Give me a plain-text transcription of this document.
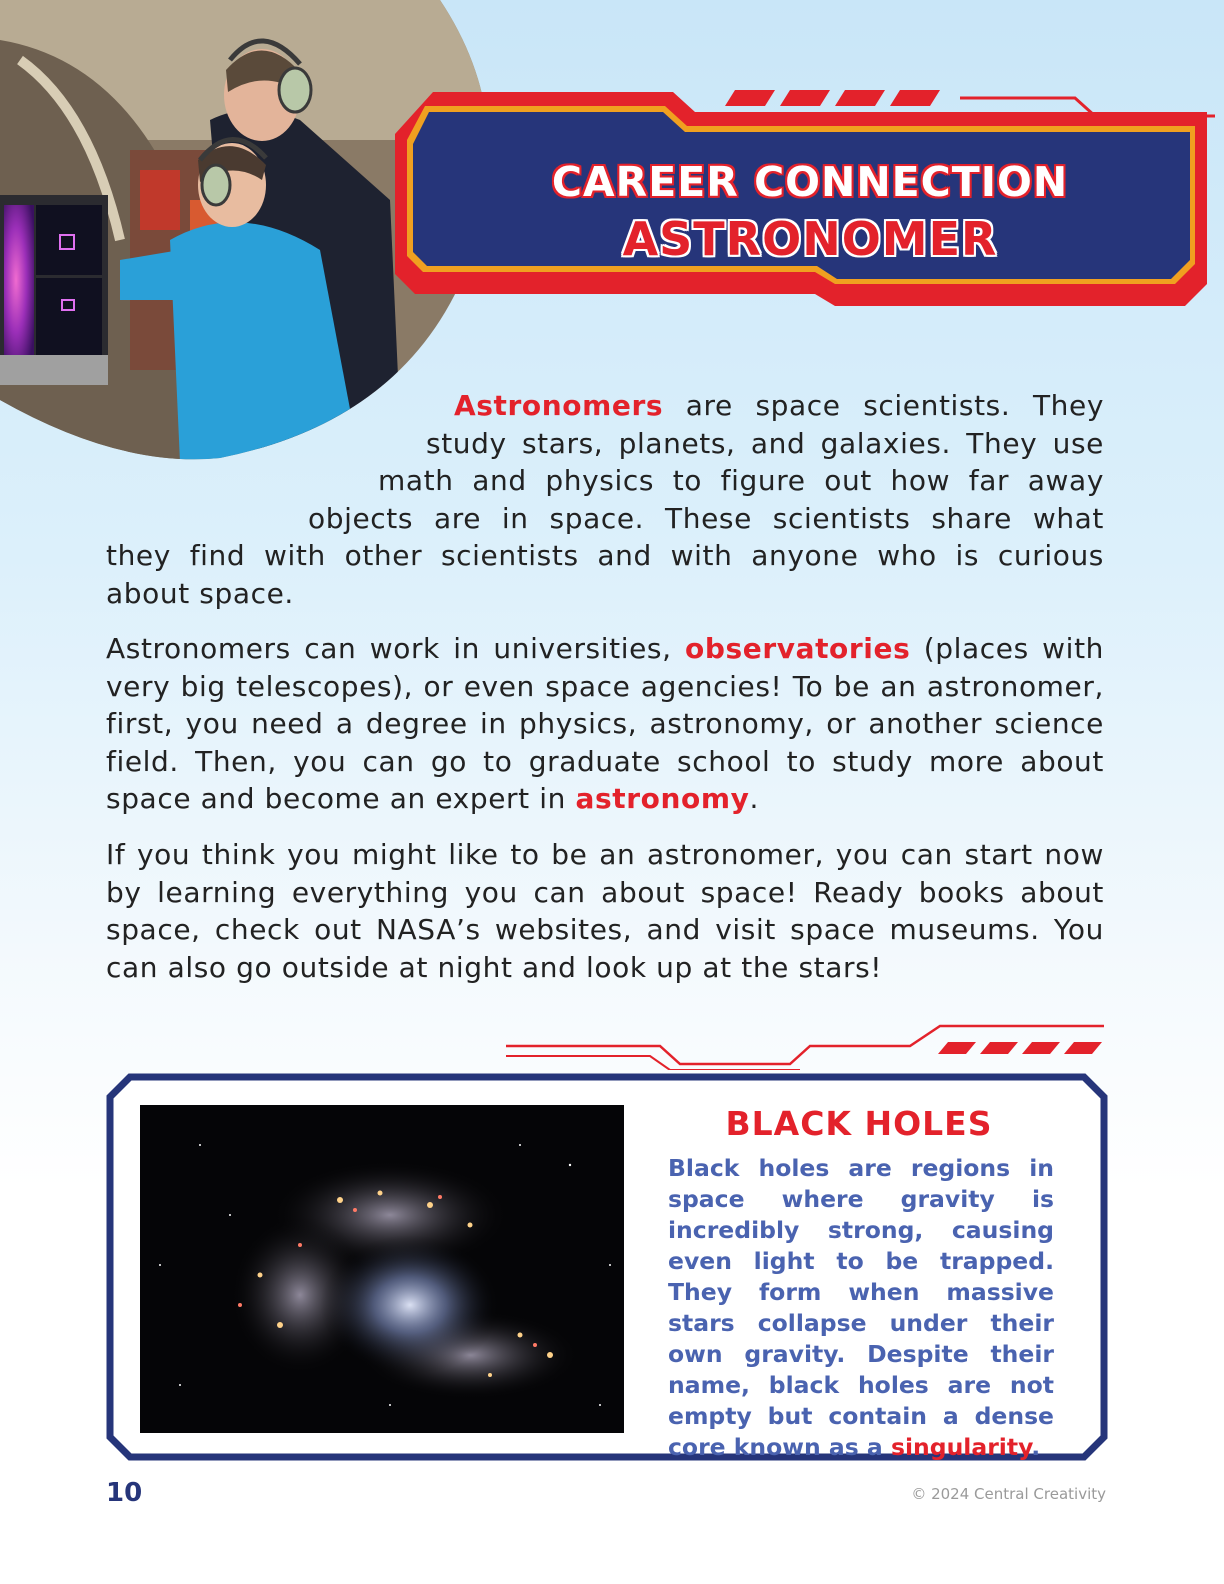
CAREER CONNECTION
ASTRONOMER
Astronomers are space scientists. They
study stars, planets, and galaxies. They use
math and physics to figure out how far away
objects are in space. These scientists share what
they find with other scientists and with anyone who is curious
about space.
Astronomers can work in universities, observatories (places with very big telescopes), or even space agencies! To be an astronomer, first, you need a degree in physics, astronomy, or another science field. Then, you can go to graduate school to study more about space and become an expert in astronomy.
If you think you might like to be an astronomer, you can start now by learning everything you can about space! Ready books about space, check out NASA’s websites, and visit space museums. You can also go outside at night and look up at the stars!
BLACK HOLES
Black holes are regions in space where gravity is incredibly strong, causing even light to be trapped. They form when massive stars collapse under their own gravity. Despite their name, black holes are not empty but contain a dense core known as a singularity.
10	© 2024 Central Creativity
